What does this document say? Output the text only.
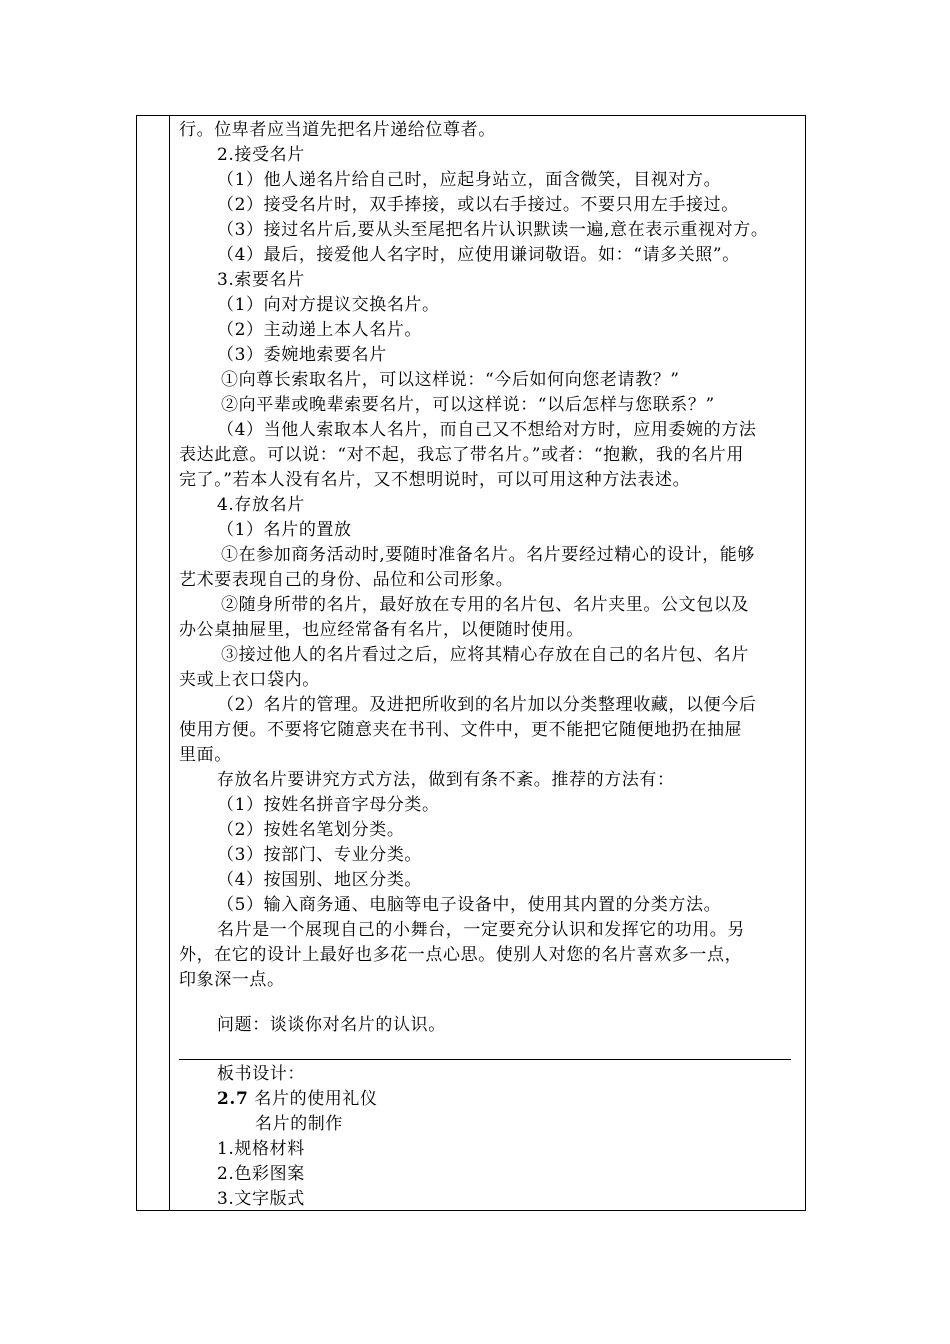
行。位卑者应当道先把名片递给位尊者。
2.接受名片
（1）他人递名片给自己时，应起身站立，面含微笑，目视对方。
（2）接受名片时，双手捧接，或以右手接过。不要只用左手接过。
（3）接过名片后,要从头至尾把名片认识默读一遍,意在表示重视对方。
（4）最后，接爱他人名字时，应使用谦词敬语。如：“请多关照”。
3.索要名片
（1）向对方提议交换名片。
（2）主动递上本人名片。
（3）委婉地索要名片
①向尊长索取名片，可以这样说：“今后如何向您老请教？”
②向平辈或晚辈索要名片，可以这样说：“以后怎样与您联系？”
（4）当他人索取本人名片，而自己又不想给对方时，应用委婉的方法
表达此意。可以说：“对不起，我忘了带名片。”或者：“抱歉，我的名片用
完了。”若本人没有名片，又不想明说时，可以可用这种方法表述。
4.存放名片
（1）名片的置放
①在参加商务活动时,要随时准备名片。名片要经过精心的设计，能够
艺术要表现自己的身份、品位和公司形象。
②随身所带的名片，最好放在专用的名片包、名片夹里。公文包以及
办公桌抽屉里，也应经常备有名片，以便随时使用。
③接过他人的名片看过之后，应将其精心存放在自己的名片包、名片
夹或上衣口袋内。
（2）名片的管理。及进把所收到的名片加以分类整理收藏，以便今后
使用方便。不要将它随意夹在书刊、文件中，更不能把它随便地扔在抽屉
里面。
存放名片要讲究方式方法，做到有条不紊。推荐的方法有：
（1）按姓名拼音字母分类。
（2）按姓名笔划分类。
（3）按部门、专业分类。
（4）按国别、地区分类。
（5）输入商务通、电脑等电子设备中，使用其内置的分类方法。
名片是一个展现自己的小舞台，一定要充分认识和发挥它的功用。另
外，在它的设计上最好也多花一点心思。使别人对您的名片喜欢多一点，
印象深一点。
问题：谈谈你对名片的认识。
板书设计：
2.7 名片的使用礼仪
名片的制作
1.规格材料
2.色彩图案
3.文字版式
